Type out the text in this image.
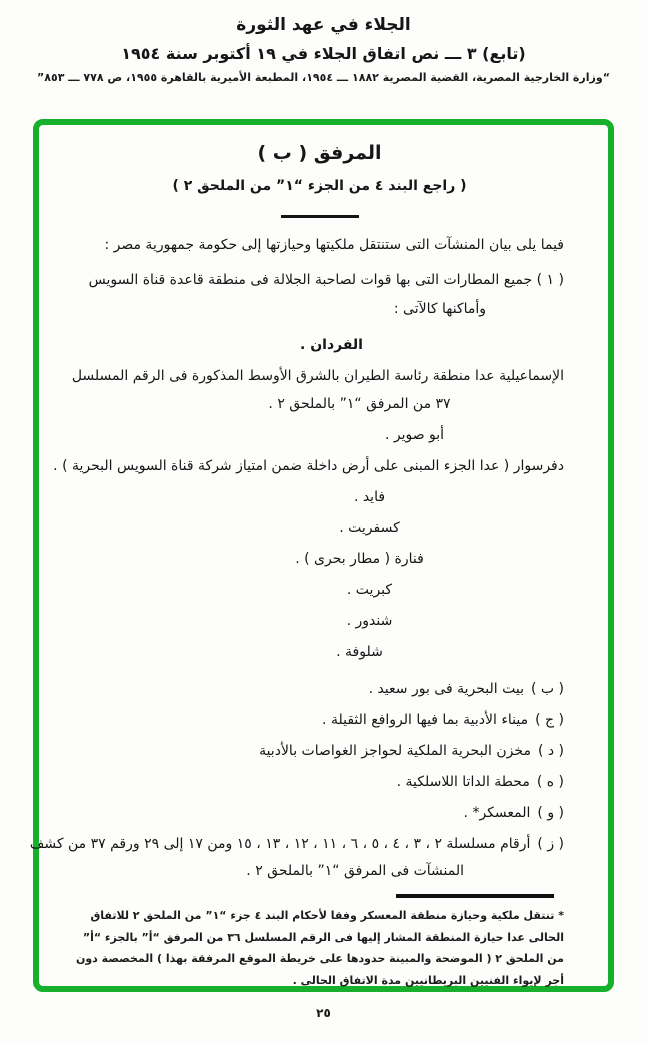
الجلاء في عهد الثورة
(تابع) ٣ ـــ نص اتفاق الجلاء في ١٩ أكتوبر سنة ١٩٥٤
“وزارة الخارجية المصرية، القضية المصرية ١٨٨٢ ـــ ١٩٥٤، المطبعة الأميرية بالقاهرة ١٩٥٥، ص ٧٧٨ ـــ ٨٥٣”
المرفق ( ب )
( راجع البند ٤ من الجزء “١” من الملحق ٢ )
فيما يلى بيان المنشآت التى ستنتقل ملكيتها وحيازتها إلى حكومة جمهورية مصر :
( ١ ) جميع المطارات التى بها قوات لصاحبة الجلالة فى منطقة قاعدة قناة السويس
وأماكنها كالآتى :
الفردان .
الإسماعيلية عدا منطقة رئاسة الطيران بالشرق الأوسط المذكورة فى الرقم المسلسل
٣٧ من المرفق “١” بالملحق ٢ .
أبو صوير .
دفرسوار ( عدا الجزء المبنى على أرض داخلة ضمن امتياز شركة قناة السويس البحرية ) .
فايد .
كسفريت .
فنارة ( مطار بحرى ) .
كبريت .
شندور .
شلوفة .
( ب )بيت البحرية فى بور سعيد .
( ج )ميناء الأدبية بما فيها الروافع الثقيلة .
( د )مخزن البحرية الملكية لحواجز الغواصات بالأدبية
( ه )محطة الداتا اللاسلكية .
( و )المعسكر* .
( ز )أرقام مسلسلة ٢ ، ٣ ، ٤ ، ٥ ، ٦ ، ١١ ، ١٢ ، ١٣ ، ١٥ ومن ١٧ إلى ٢٩ ورقم ٣٧ من كشف
المنشآت فى المرفق “١” بالملحق ٢ .
* تنتقل ملكية وحيازة منطقة المعسكر وفقا لأحكام البند ٤ جزء “١” من الملحق ٢ للاتفاق الحالى عدا حيازة المنطقة المشار إليها فى الرقم المسلسل ٣٦ من المرفق “أ” بالجزء “أ” من الملحق ٢ ( الموضحة والمبينة حدودها على خريطة الموقع المرفقة بهذا ) المخصصة دون أجر لإيواء الفنيين البريطانيين مدة الاتفاق الحالى .
٢٥
